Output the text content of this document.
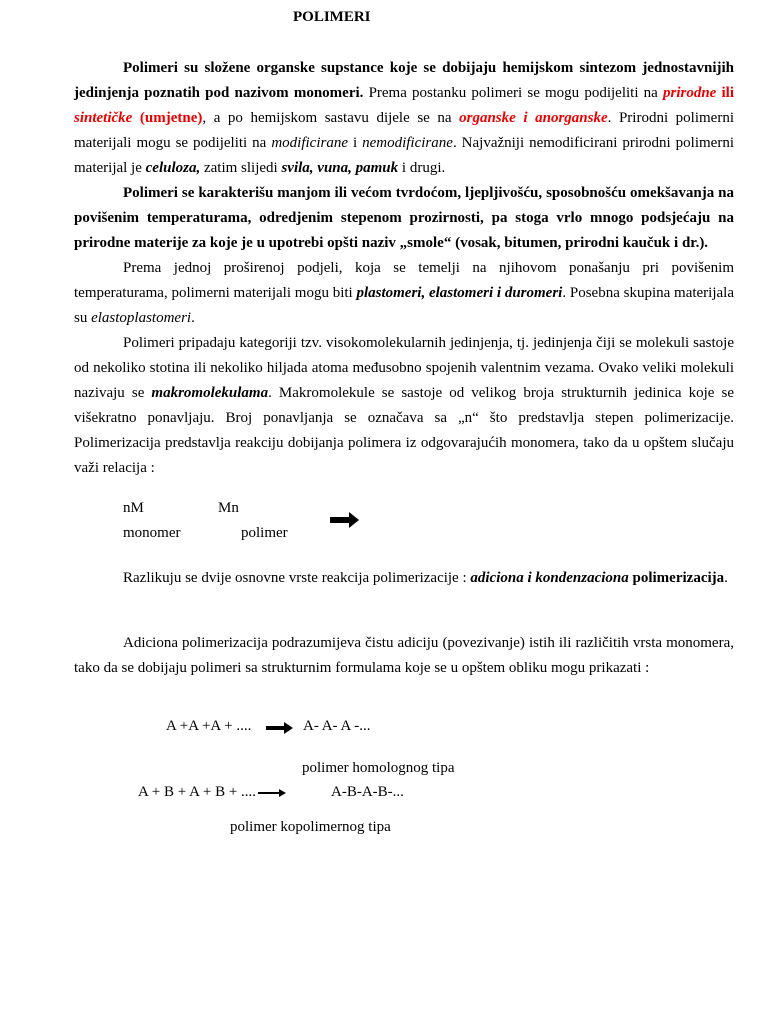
POLIMERI

Polimeri su složene organske supstance koje se dobijaju hemijskom sintezom jednostavnijih jedinjenja poznatih pod nazivom monomeri. Prema postanku polimeri se mogu podijeliti na prirodne ili sintetičke (umjetne), a po hemijskom sastavu dijele se na organske i anorganske. Prirodni polimerni materijali mogu se podijeliti na modificirane i nemodificirane. Najvažniji nemodificirani prirodni polimerni materijal je celuloza, zatim slijedi svila, vuna, pamuk i drugi.

Polimeri se karakterišu manjom ili većom tvrdoćom, ljepljivošću, sposobnošću omekšavanja na povišenim temperaturama, odredjenim stepenom prozirnosti, pa stoga vrlo mnogo podsjećaju na prirodne materije za koje je u upotrebi opšti naziv „smole“ (vosak, bitumen, prirodni kaučuk i dr.).

Prema jednoj proširenoj podjeli, koja se temelji na njihovom ponašanju pri povišenim temperaturama, polimerni materijali mogu biti plastomeri, elastomeri i duromeri. Posebna skupina materijala su elastoplastomeri.

Polimeri pripadaju kategoriji tzv. visokomolekularnih jedinjenja, tj. jedinjenja čiji se molekuli sastoje od nekoliko stotina ili nekoliko hiljada atoma međusobno spojenih valentnim vezama. Ovako veliki molekuli nazivaju se makromolekulama. Makromolekule se sastoje od velikog broja strukturnih jedinica koje se višekratno ponavljaju. Broj ponavljanja se označava sa „n“ što predstavlja stepen polimerizacije. Polimerizacija predstavlja reakciju dobijanja polimera iz odgovarajućih monomera, tako da u opštem slučaju važi relacija :

nM	Mn
monomer	polimer

Razlikuju se dvije osnovne vrste reakcija polimerizacije : adiciona i kondenzaciona polimerizacija.

Adiciona polimerizacija podrazumijeva čistu adiciju (povezivanje) istih ili različitih vrsta monomera, tako da se dobijaju polimeri sa strukturnim formulama koje se u opštem obliku mogu prikazati :

A +A +A + ....	A- A- A -...
polimer homolognog tipa
A + B + A + B + ....	A-B-A-B-...
polimer kopolimernog tipa
